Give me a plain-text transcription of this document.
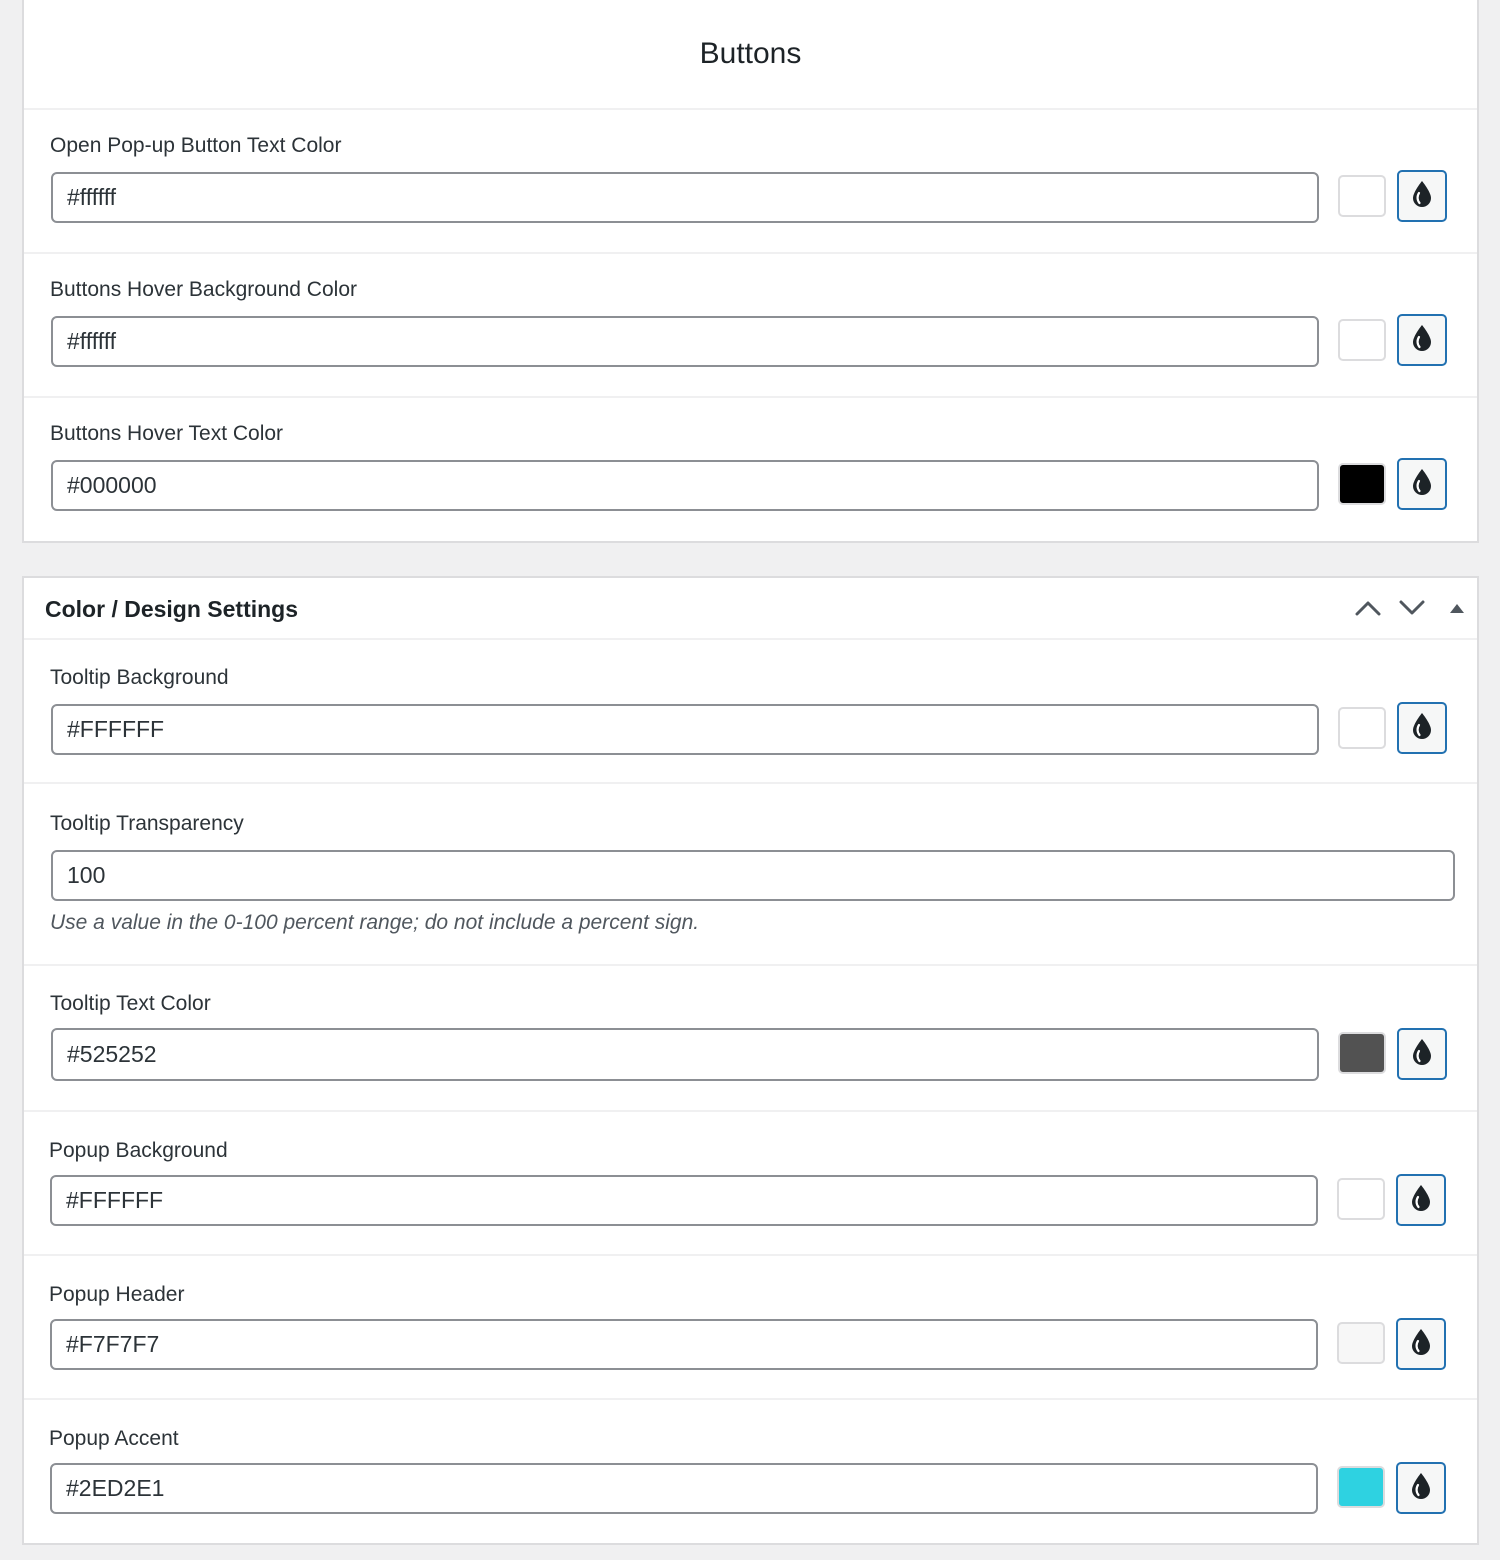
Buttons
Open Pop-up Button Text Color
#ffffff
Buttons Hover Background Color
#ffffff
Buttons Hover Text Color
#000000
Color / Design Settings
Tooltip Background
#FFFFFF
Tooltip Transparency
100
Use a value in the 0-100 percent range; do not include a percent sign.
Tooltip Text Color
#525252
Popup Background
#FFFFFF
Popup Header
#F7F7F7
Popup Accent
#2ED2E1
